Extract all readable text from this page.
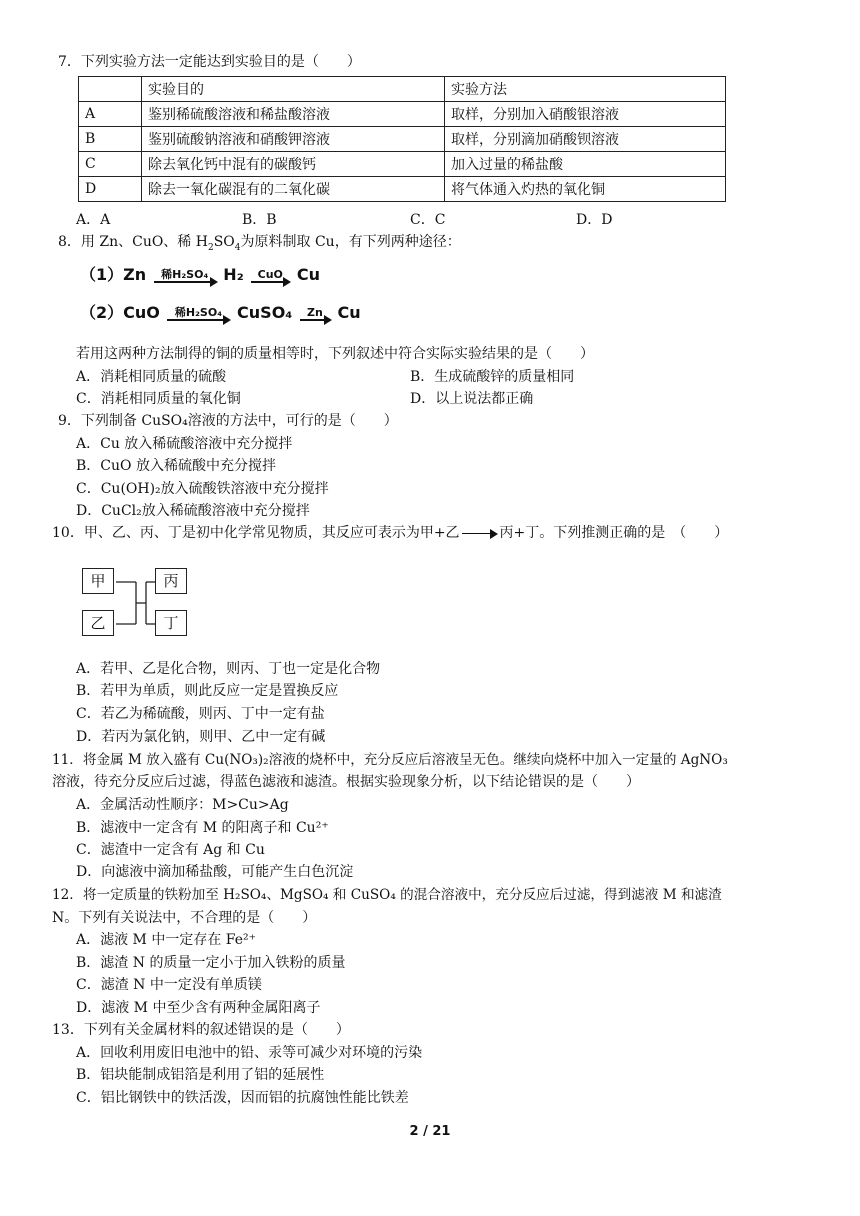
7．下列实验方法一定能达到实验目的是（　　）
	实验目的	实验方法
A	鉴别稀硫酸溶液和稀盐酸溶液	取样，分别加入硝酸银溶液
B	鉴别硫酸钠溶液和硝酸钾溶液	取样，分别滴加硝酸钡溶液
C	除去氧化钙中混有的碳酸钙	加入过量的稀盐酸
D	除去一氧化碳混有的二氧化碳	将气体通入灼热的氧化铜
A．A	B．B	C．C	D．D
8．用 Zn、CuO、稀 $H_2SO_4$为原料制取 Cu，有下列两种途径：
（1）Zn	稀H₂SO₄ H₂	CuO Cu
（2）CuO	稀H₂SO₄ CuSO₄	Zn Cu
若用这两种方法制得的铜的质量相等时，下列叙述中符合实际实验结果的是（　　）
A．消耗相同质量的硫酸	B．生成硫酸锌的质量相同
C．消耗相同质量的氧化铜	D．以上说法都正确
9．下列制备 CuSO₄溶液的方法中，可行的是（　　）
A．Cu 放入稀硫酸溶液中充分搅拌
B．CuO 放入稀硫酸中充分搅拌
C．Cu(OH)₂放入硫酸铁溶液中充分搅拌
D．CuCl₂放入稀硫酸溶液中充分搅拌
10．甲、乙、丙、丁是初中化学常见物质，其反应可表示为甲+乙 → 丙+丁。下列推测正确的是　（　　）
甲
乙
丙
丁
A．若甲、乙是化合物，则丙、丁也一定是化合物
B．若甲为单质，则此反应一定是置换反应
C．若乙为稀硫酸，则丙、丁中一定有盐
D．若丙为氯化钠，则甲、乙中一定有碱
11．将金属 M 放入盛有 Cu(NO₃)₂溶液的烧杯中，充分反应后溶液呈无色。继续向烧杯中加入一定量的 AgNO₃
溶液，待充分反应后过滤，得蓝色滤液和滤渣。根据实验现象分析，以下结论错误的是（　　）
A．金属活动性顺序：M>Cu>Ag
B．滤液中一定含有 M 的阳离子和 Cu²⁺
C．滤渣中一定含有 Ag 和 Cu
D．向滤液中滴加稀盐酸，可能产生白色沉淀
12．将一定质量的铁粉加至 H₂SO₄、MgSO₄ 和 CuSO₄ 的混合溶液中，充分反应后过滤，得到滤液 M 和滤渣
N。下列有关说法中，不合理的是（　　）
A．滤液 M 中一定存在 Fe²⁺
B．滤渣 N 的质量一定小于加入铁粉的质量
C．滤渣 N 中一定没有单质镁
D．滤液 M 中至少含有两种金属阳离子
13．下列有关金属材料的叙述错误的是（　　）
A．回收利用废旧电池中的铅、汞等可减少对环境的污染
B．铝块能制成铝箔是利用了铝的延展性
C．铝比钢铁中的铁活泼，因而铝的抗腐蚀性能比铁差
2 / 21
